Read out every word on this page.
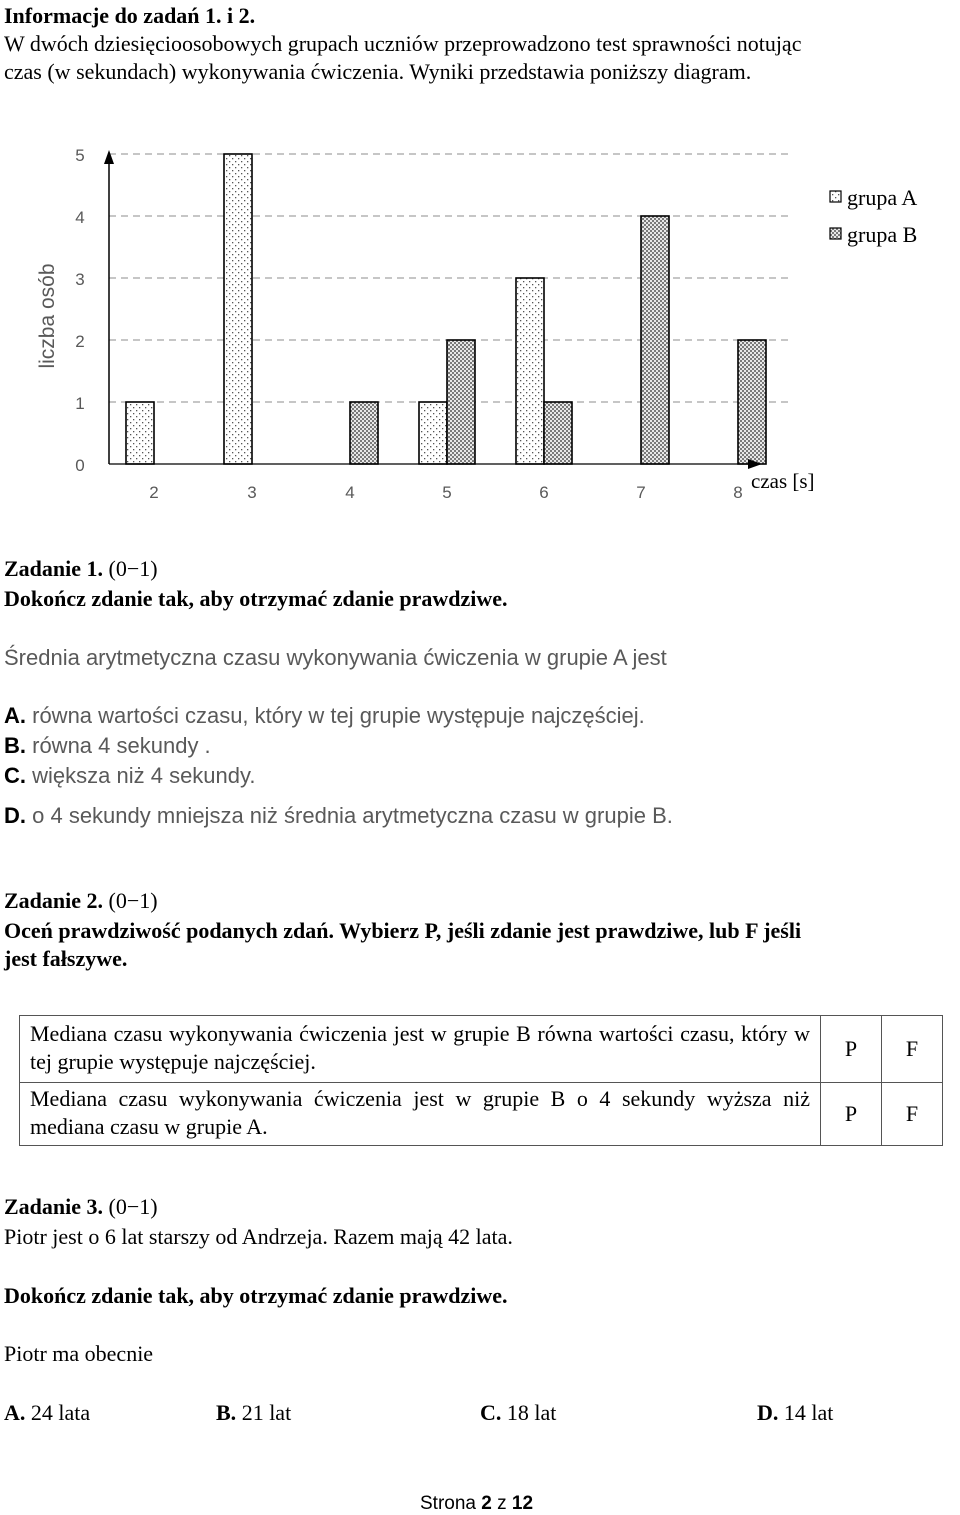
Informacje do zadań 1. i 2.
W dwóch dziesięcioosobowych grupach uczniów przeprowadzono test sprawności notując
czas (w sekundach) wykonywania ćwiczenia. Wyniki przedstawia poniższy diagram.
0
1
2
3
4
5
2	3	4	5	6	7	8
liczba osób
czas [s]
grupa A
grupa B
Zadanie 1. (0−1)
Dokończ zdanie tak, aby otrzymać zdanie prawdziwe.
Średnia arytmetyczna czasu wykonywania ćwiczenia w grupie A jest
A. równa wartości czasu, który w tej grupie występuje najczęściej.
B. równa 4 sekundy .
C. większa niż 4 sekundy.
D. o 4 sekundy mniejsza niż średnia arytmetyczna czasu w grupie B.
Zadanie 2. (0−1)
Oceń prawdziwość podanych zdań. Wybierz P, jeśli zdanie jest prawdziwe, lub F jeśli
jest fałszywe.
Mediana czasu wykonywania ćwiczenia jest w grupie B równa wartości czasu, który w tej grupie występuje najczęściej.	P	F
Mediana czasu wykonywania ćwiczenia jest w grupie B o 4 sekundy wyższa niż mediana czasu w grupie A.	P	F
Zadanie 3. (0−1)
Piotr jest o 6 lat starszy od Andrzeja. Razem mają 42 lata.
Dokończ zdanie tak, aby otrzymać zdanie prawdziwe.
Piotr ma obecnie
A. 24 lata	B. 21 lat	C. 18 lat	D. 14 lat
Strona 2 z 12
